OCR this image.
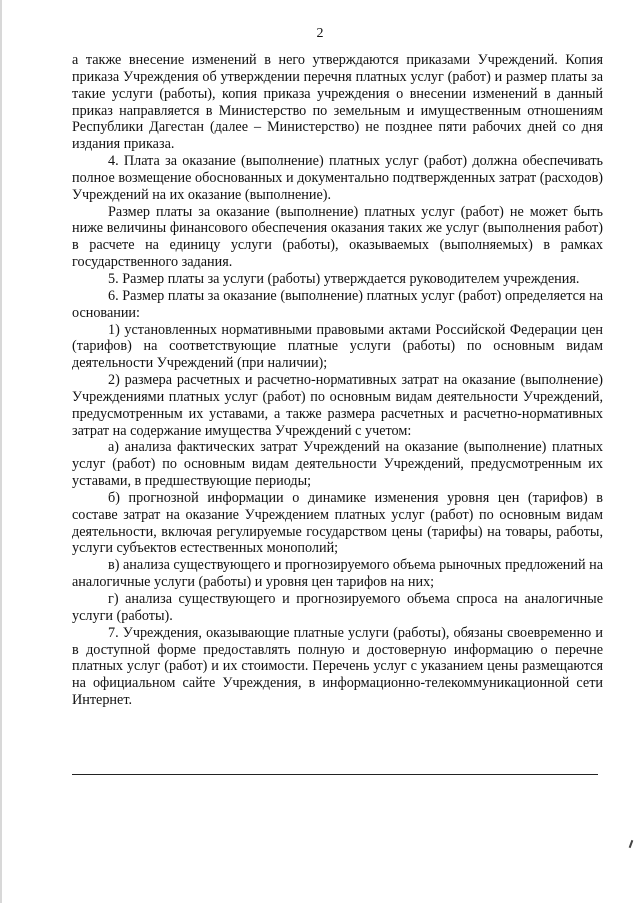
2

а также внесение изменений в него утверждаются приказами Учреждений. Копия приказа Учреждения об утверждении перечня платных услуг (работ) и размер платы за такие услуги (работы), копия приказа учреждения о внесении изменений в данный приказ направляется в Министерство по земельным и имущественным отношениям Республики Дагестан (далее – Министерство) не позднее пяти рабочих дней со дня издания приказа.

4. Плата за оказание (выполнение) платных услуг (работ) должна обеспечивать полное возмещение обоснованных и документально подтвержденных затрат (расходов) Учреждений на их оказание (выполнение).

Размер платы за оказание (выполнение) платных услуг (работ) не может быть ниже величины финансового обеспечения оказания таких же услуг (выполнения работ) в расчете на единицу услуги (работы), оказываемых (выполняемых) в рамках государственного задания.

5. Размер платы за услуги (работы) утверждается руководителем учреждения.

6. Размер платы за оказание (выполнение) платных услуг (работ) определяется на основании:

1) установленных нормативными правовыми актами Российской Федерации цен (тарифов) на соответствующие платные услуги (работы) по основным видам деятельности Учреждений (при наличии);

2) размера расчетных и расчетно-нормативных затрат на оказание (выполнение) Учреждениями платных услуг (работ) по основным видам деятельности Учреждений, предусмотренным их уставами, а также размера расчетных и расчетно-нормативных затрат на содержание имущества Учреждений с учетом:

а) анализа фактических затрат Учреждений на оказание (выполнение) платных услуг (работ) по основным видам деятельности Учреждений, предусмотренным их уставами, в предшествующие периоды;

б) прогнозной информации о динамике изменения уровня цен (тарифов) в составе затрат на оказание Учреждением платных услуг (работ) по основным видам деятельности, включая регулируемые государством цены (тарифы) на товары, работы, услуги субъектов естественных монополий;

в) анализа существующего и прогнозируемого объема рыночных предложений на аналогичные услуги (работы) и уровня цен тарифов на них;

г) анализа существующего и прогнозируемого объема спроса на аналогичные услуги (работы).

7. Учреждения, оказывающие платные услуги (работы), обязаны своевременно и в доступной форме предоставлять полную и достоверную информацию о перечне платных услуг (работ) и их стоимости. Перечень услуг с указанием цены размещаются на официальном сайте Учреждения, в информационно-телекоммуникационной сети Интернет.
